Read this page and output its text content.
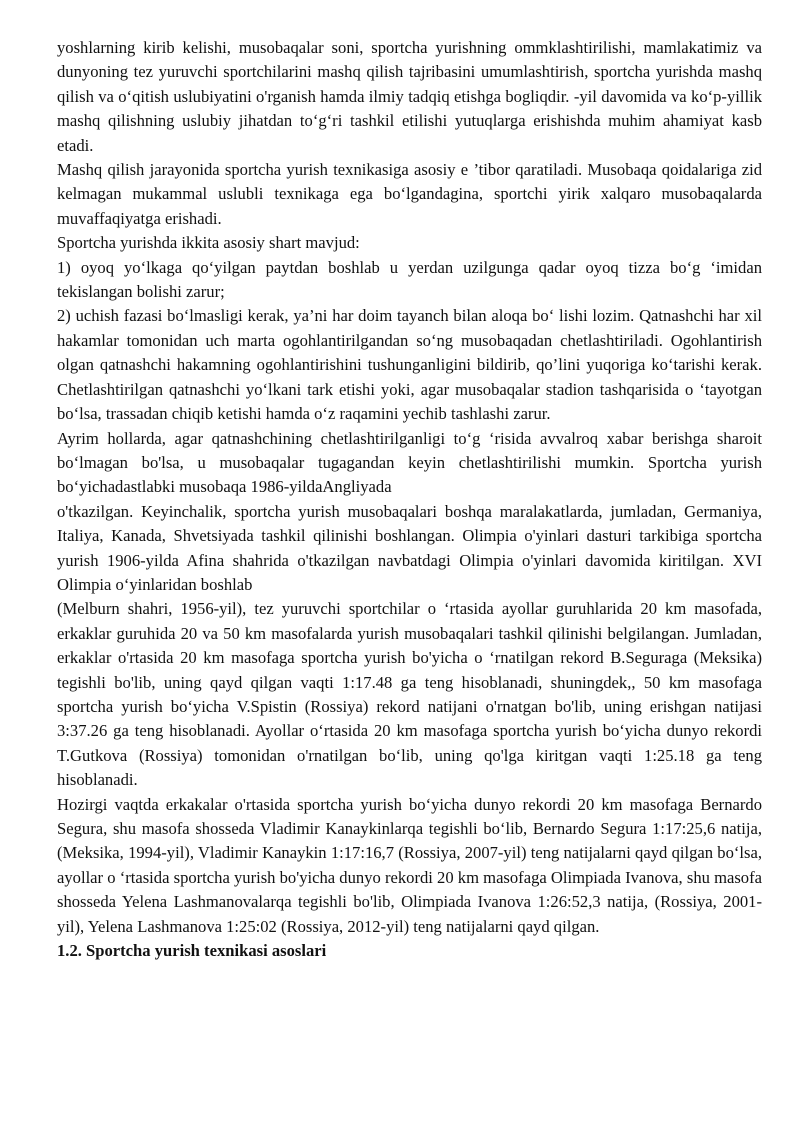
yoshlarning kirib kelishi, musobaqalar soni, sportcha yurishning ommklashtirilishi, mamlakatimiz va dunyoning tez yuruvchi sportchilarini mashq qilish tajribasini umumlashtirish, sportcha yurishda mashq qilish va oʻqitish uslubiyatini o'rganish hamda ilmiy tadqiq etishga bogliqdir. -yil davomida va koʻp-yillik mashq qilishning uslubiy jihatdan toʻgʻri tashkil etilishi yutuqlarga erishishda muhim ahamiyat kasb etadi.

Mashq qilish jarayonida sportcha yurish texnikasiga asosiy e ’tibor qaratiladi. Musobaqa qoidalariga zid kelmagan mukammal uslubli texnikaga ega boʻlgandagina, sportchi yirik xalqaro musobaqalarda muvaffaqiyatga erishadi.

Sportcha yurishda ikkita asosiy shart mavjud:

1) oyoq yoʻlkaga qoʻyilgan paytdan boshlab u yerdan uzilgunga qadar oyoq tizza boʻg ‘imidan tekislangan bolishi zarur;

2) uchish fazasi boʻlmasligi kerak, ya’ni har doim tayanch bilan aloqa boʻ lishi lozim. Qatnashchi har xil hakamlar tomonidan uch marta ogohlantirilgandan soʻng musobaqadan chetlashtiriladi. Ogohlantirish olgan qatnashchi hakamning ogohlantirishini tushunganligini bildirib, qo’lini yuqoriga koʻtarishi kerak. Chetlashtirilgan qatnashchi yoʻlkani tark etishi yoki, agar musobaqalar stadion tashqarisida o ‘tayotgan boʻlsa, trassadan chiqib ketishi hamda oʻz raqamini yechib tashlashi zarur.

Ayrim hollarda, agar qatnashchining chetlashtirilganligi toʻg ‘risida avvalroq xabar berishga sharoit boʻlmagan bo'lsa, u musobaqalar tugagandan keyin chetlashtirilishi mumkin. Sportcha yurish boʻyichadastlabki musobaqa 1986-yildaAngliyada

o'tkazilgan. Keyinchalik, sportcha yurish musobaqalari boshqa maralakatlarda, jumladan, Germaniya, Italiya, Kanada, Shvetsiyada tashkil qilinishi boshlangan. Olimpia o'yinlari dasturi tarkibiga sportcha yurish 1906-yilda Afina shahrida o'tkazilgan navbatdagi Olimpia o'yinlari davomida kiritilgan. XVI Olimpia oʻyinlaridan boshlab

(Melburn shahri, 1956-yil), tez yuruvchi sportchilar o ‘rtasida ayollar guruhlarida 20 km masofada, erkaklar guruhida 20 va 50 km masofalarda yurish musobaqalari tashkil qilinishi belgilangan. Jumladan, erkaklar o'rtasida 20 km masofaga sportcha yurish bo'yicha o ‘rnatilgan rekord B.Seguraga (Meksika) tegishli bo'lib, uning qayd qilgan vaqti 1:17.48 ga teng hisoblanadi, shuningdek,, 50 km masofaga sportcha yurish boʻyicha V.Spistin (Rossiya) rekord natijani o'rnatgan bo'lib, uning erishgan natijasi 3:37.26 ga teng hisoblanadi. Ayollar oʻrtasida 20 km masofaga sportcha yurish boʻyicha dunyo rekordi T.Gutkova (Rossiya) tomonidan o'rnatilgan boʻlib, uning qo'lga kiritgan vaqti 1:25.18 ga teng hisoblanadi.

Hozirgi vaqtda erkakalar o'rtasida sportcha yurish boʻyicha dunyo rekordi 20 km masofaga Bernardo Segura, shu masofa shosseda Vladimir Kanaykinlarqa tegishli boʻlib, Bernardo Segura 1:17:25,6 natija, (Meksika, 1994-yil), Vladimir Kanaykin 1:17:16,7 (Rossiya, 2007-yil) teng natijalarni qayd qilgan boʻlsa, ayollar o ‘rtasida sportcha yurish bo'yicha dunyo rekordi 20 km masofaga Olimpiada Ivanova, shu masofa shosseda Yelena Lashmanovalarqa tegishli bo'lib, Olimpiada Ivanova 1:26:52,3 natija, (Rossiya, 2001-yil), Yelena Lashmanova 1:25:02 (Rossiya, 2012-yil) teng natijalarni qayd qilgan.

1.2. Sportcha yurish texnikasi asoslari
